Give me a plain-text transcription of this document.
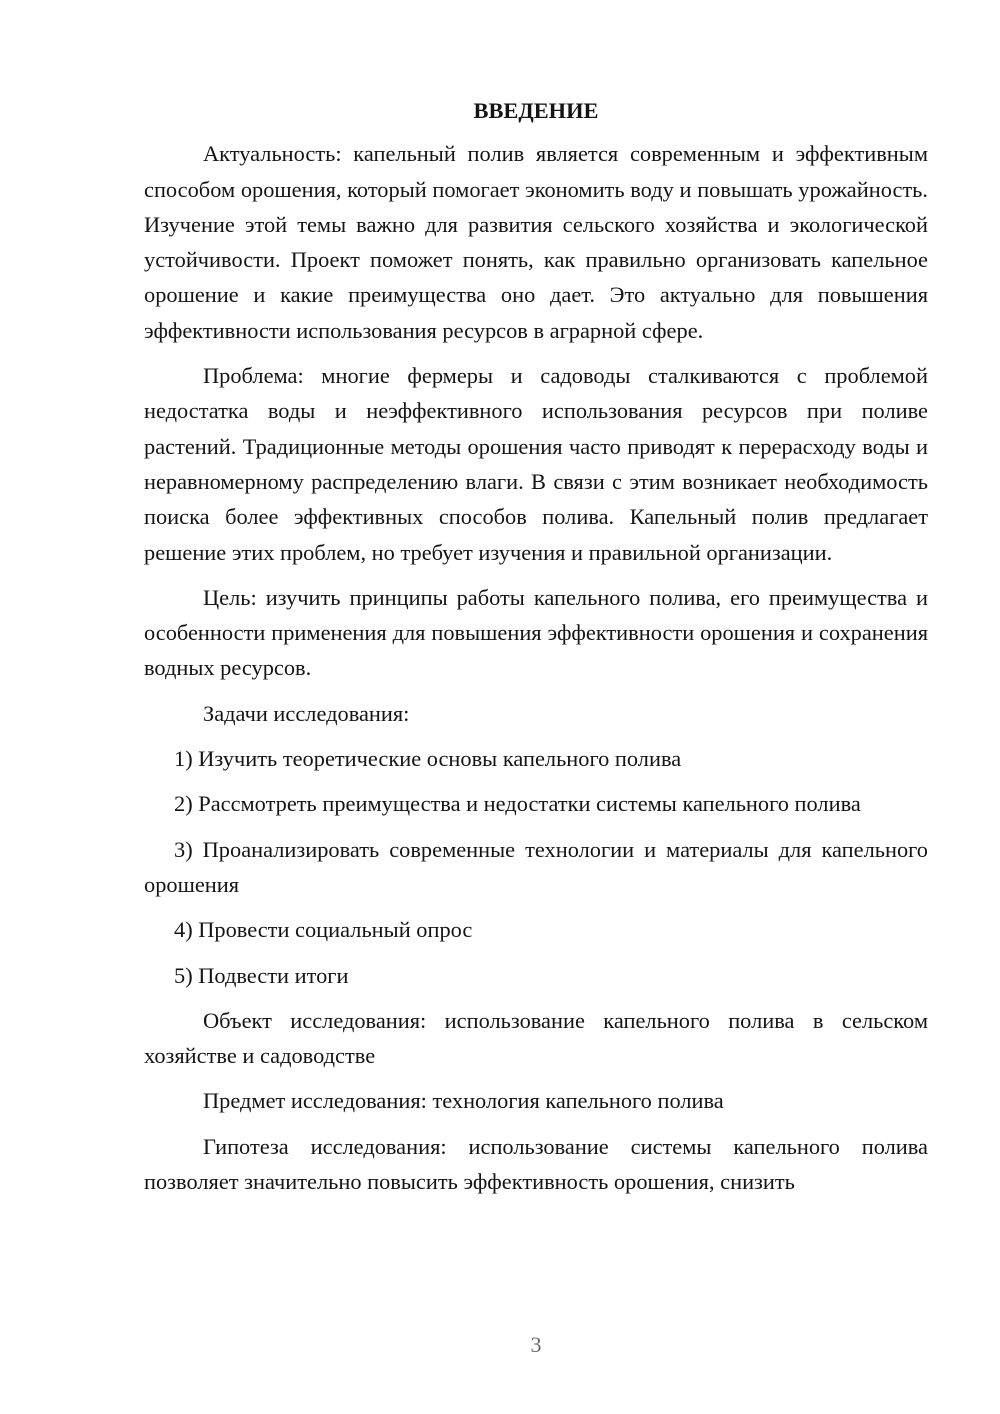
ВВЕДЕНИЕ

Актуальность: капельный полив является современным и эффективным способом орошения, который помогает экономить воду и повышать урожайность. Изучение этой темы важно для развития сельского хозяйства и экологической устойчивости. Проект поможет понять, как правильно организовать капельное орошение и какие преимущества оно дает. Это актуально для повышения эффективности использования ресурсов в аграрной сфере.

Проблема: многие фермеры и садоводы сталкиваются с проблемой недостатка воды и неэффективного использования ресурсов при поливе растений. Традиционные методы орошения часто приводят к перерасходу воды и неравномерному распределению влаги. В связи с этим возникает необходимость поиска более эффективных способов полива. Капельный полив предлагает решение этих проблем, но требует изучения и правильной организации.

Цель: изучить принципы работы капельного полива, его преимущества и особенности применения для повышения эффективности орошения и сохранения водных ресурсов.

Задачи исследования:

1) Изучить теоретические основы капельного полива

2) Рассмотреть преимущества и недостатки системы капельного полива

3) Проанализировать современные технологии и материалы для капельного орошения

4) Провести социальный опрос

5) Подвести итоги

Объект исследования: использование капельного полива в сельском хозяйстве и садоводстве

Предмет исследования: технология капельного полива

Гипотеза исследования: использование системы капельного полива позволяет значительно повысить эффективность орошения, снизить

3
